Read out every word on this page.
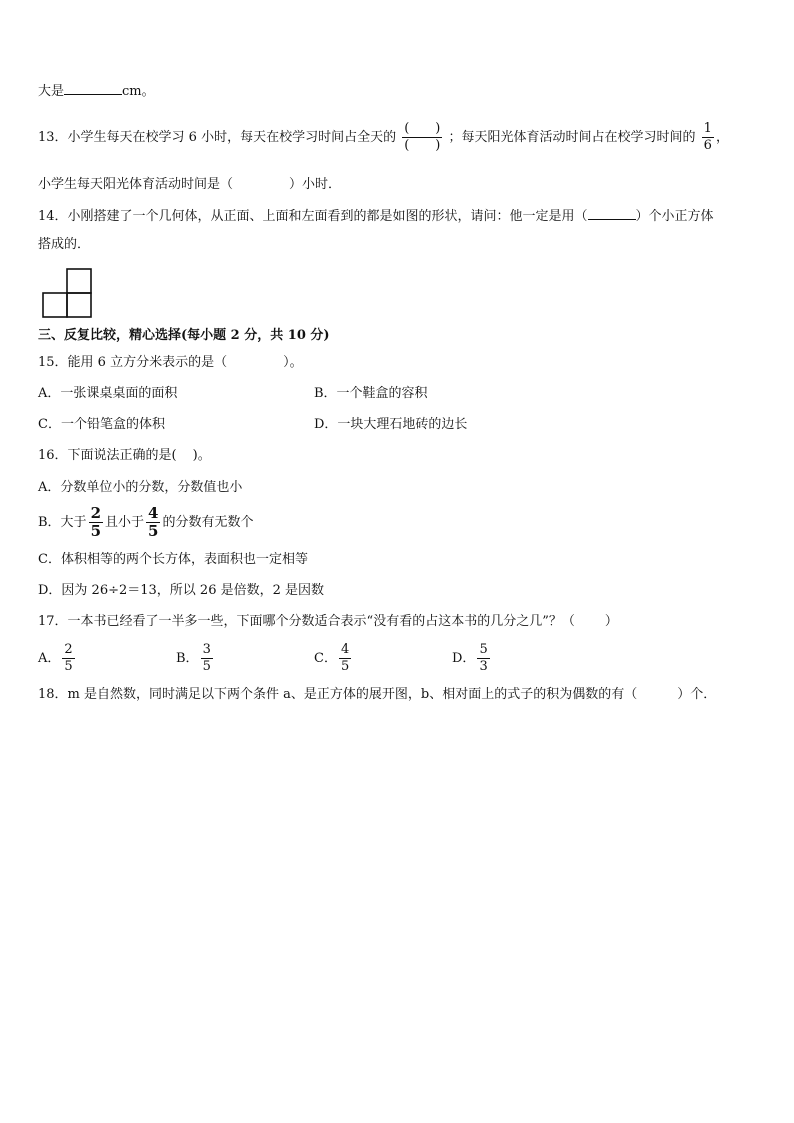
大是	cm。
13．小学生每天在校学习 6 小时，每天在校学习时间占全天的 $\frac{( )}{( )}$ ；每天阳光体育活动时间占在校学习时间的 $\frac{1}{6}$ ，
小学生每天阳光体育活动时间是（	）小时．
14．小刚搭建了一个几何体，从正面、上面和左面看到的都是如图的形状，请问：他一定是用（	）个小正方体
搭成的．
三、反复比较，精心选择(每小题 2 分，共 10 分)
15．能用 6 立方分米表示的是（	）。
A．一张课桌桌面的面积	B．一个鞋盒的容积
C．一个铅笔盒的体积	D．一块大理石地砖的边长
16．下面说法正确的是( )。
A．分数单位小的分数，分数值也小
B．大于 $\frac{2}{5}$ 且小于 $\frac{4}{5}$ 的分数有无数个
C．体积相等的两个长方体，表面积也一定相等
D．因为 26÷2＝13，所以 26 是倍数，2 是因数
17．一本书已经看了一半多一些，下面哪个分数适合表示“没有看的占这本书的几分之几”？（ ）
A． $\frac{2}{5}$	B． $\frac{3}{5}$	C． $\frac{4}{5}$	D． $\frac{5}{3}$
18．m 是自然数，同时满足以下两个条件 a、是正方体的展开图，b、相对面上的式子的积为偶数的有（	）个．
